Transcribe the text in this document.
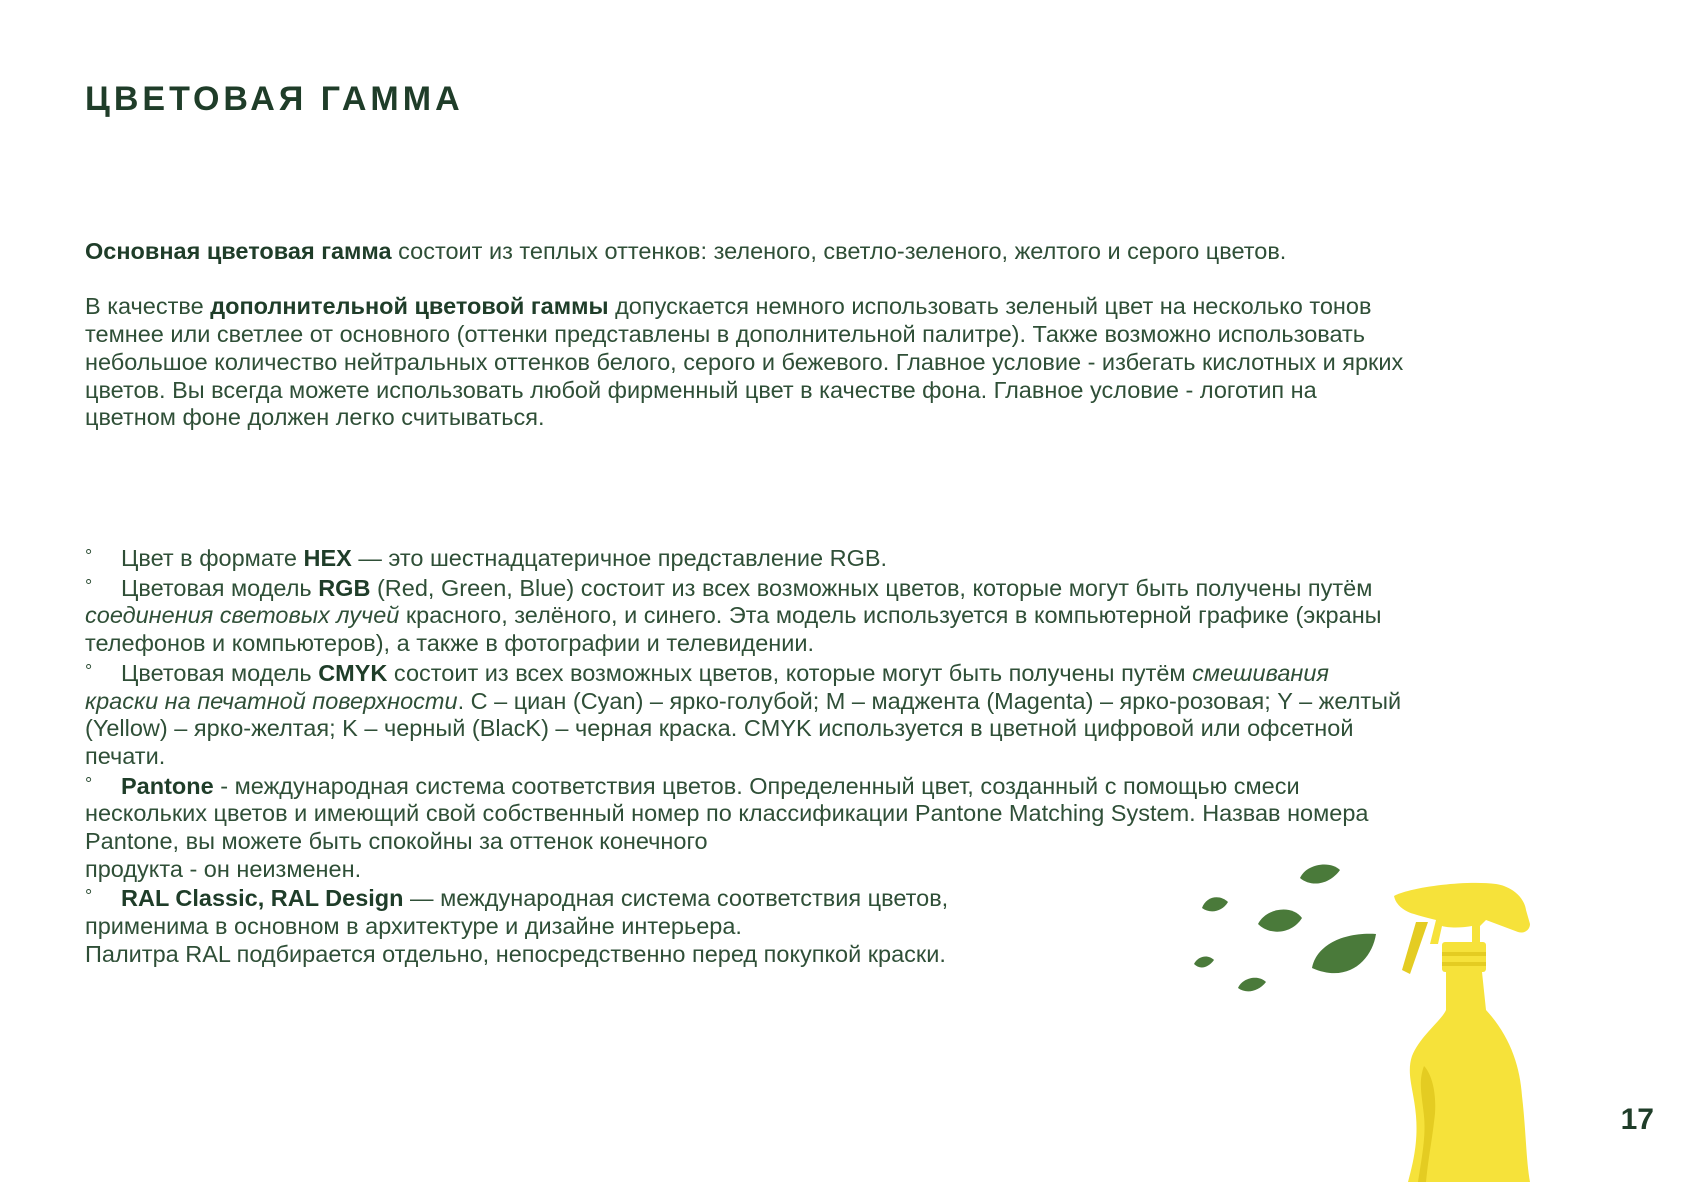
ЦВЕТОВАЯ ГАММА

Основная цветовая гамма состоит из теплых оттенков: зеленого, светло-зеленого, желтого и серого цветов.

В качестве дополнительной цветовой гаммы допускается немного использовать зеленый цвет на несколько тонов темнее или светлее от основного (оттенки представлены в дополнительной палитре). Также возможно использовать небольшое количество нейтральных оттенков белого, серого и бежевого. Главное условие - избегать кислотных и ярких цветов. Вы всегда можете использовать любой фирменный цвет в качестве фона. Главное условие - логотип на цветном фоне должен легко считываться.

° Цвет в формате HEX — это шестнадцатеричное представление RGB.

° Цветовая модель RGB (Red, Green, Blue) состоит из всех возможных цветов, которые могут быть получены путём соединения световых лучей красного, зелёного, и синего. Эта модель используется в компьютерной графике (экраны телефонов и компьютеров), а также в фотографии и телевидении.

° Цветовая модель CMYK состоит из всех возможных цветов, которые могут быть получены путём смешивания краски на печатной поверхности. C – циан (Cyan) – ярко-голубой; M – маджента (Magenta) – ярко-розовая; Y – желтый (Yellow) – ярко-желтая; K – черный (BlacK) – черная краска. CMYK используется в цветной цифровой или офсетной печати.

° Pantone - международная система соответствия цветов. Определенный цвет, созданный с помощью смеси нескольких цветов и имеющий свой собственный номер по классификации Pantone Matching System. Назвав номера Pantone, вы можете быть спокойны за оттенок конечного

продукта - он неизменен.

° RAL Classic, RAL Design — международная система соответствия цветов,

применима в основном в архитектуре и дизайне интерьера.

Палитра RAL подбирается отдельно, непосредственно перед покупкой краски.

17
